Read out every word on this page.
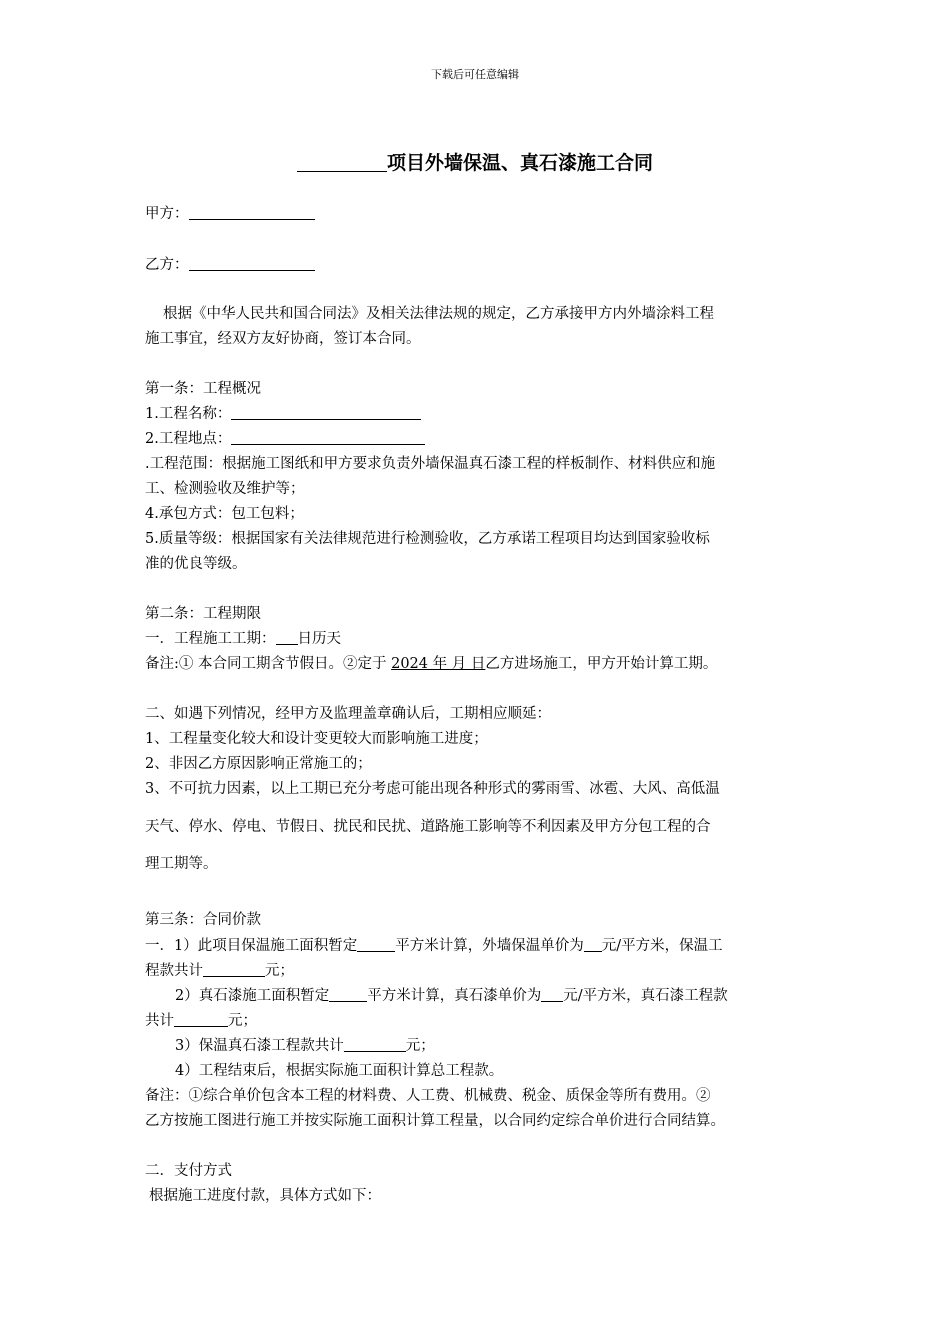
下载后可任意编辑
项目外墙保温、真石漆施工合同
甲方：
乙方：
根据《中华人民共和国合同法》及相关法律法规的规定，乙方承接甲方内外墙涂料工程
施工事宜，经双方友好协商，签订本合同。
第一条：工程概况
1.工程名称：
2.工程地点：
.工程范围：根据施工图纸和甲方要求负责外墙保温真石漆工程的样板制作、材料供应和施
工、检测验收及维护等；
4.承包方式：包工包料；
5.质量等级：根据国家有关法律规范进行检测验收，乙方承诺工程项目均达到国家验收标
准的优良等级。
第二条：工程期限
一．工程施工工期： 日历天
备注:① 本合同工期含节假日。②定于 2024 年 月 日乙方进场施工，甲方开始计算工期。
二、如遇下列情况，经甲方及监理盖章确认后，工期相应顺延：
1、工程量变化较大和设计变更较大而影响施工进度；
2、非因乙方原因影响正常施工的；
3、不可抗力因素，以上工期已充分考虑可能出现各种形式的雾雨雪、冰雹、大风、高低温
天气、停水、停电、节假日、扰民和民扰、道路施工影响等不利因素及甲方分包工程的合
理工期等。
第三条：合同价款
一．1）此项目保温施工面积暂定	平方米计算，外墙保温单价为 元/平方米，保温工
程款共计	元；
2）真石漆施工面积暂定	平方米计算，真石漆单价为 元/平方米，真石漆工程款
共计	元；
3）保温真石漆工程款共计	元；
4）工程结束后，根据实际施工面积计算总工程款。
备注：①综合单价包含本工程的材料费、人工费、机械费、税金、质保金等所有费用。②
乙方按施工图进行施工并按实际施工面积计算工程量，以合同约定综合单价进行合同结算。
二．支付方式
根据施工进度付款，具体方式如下：
